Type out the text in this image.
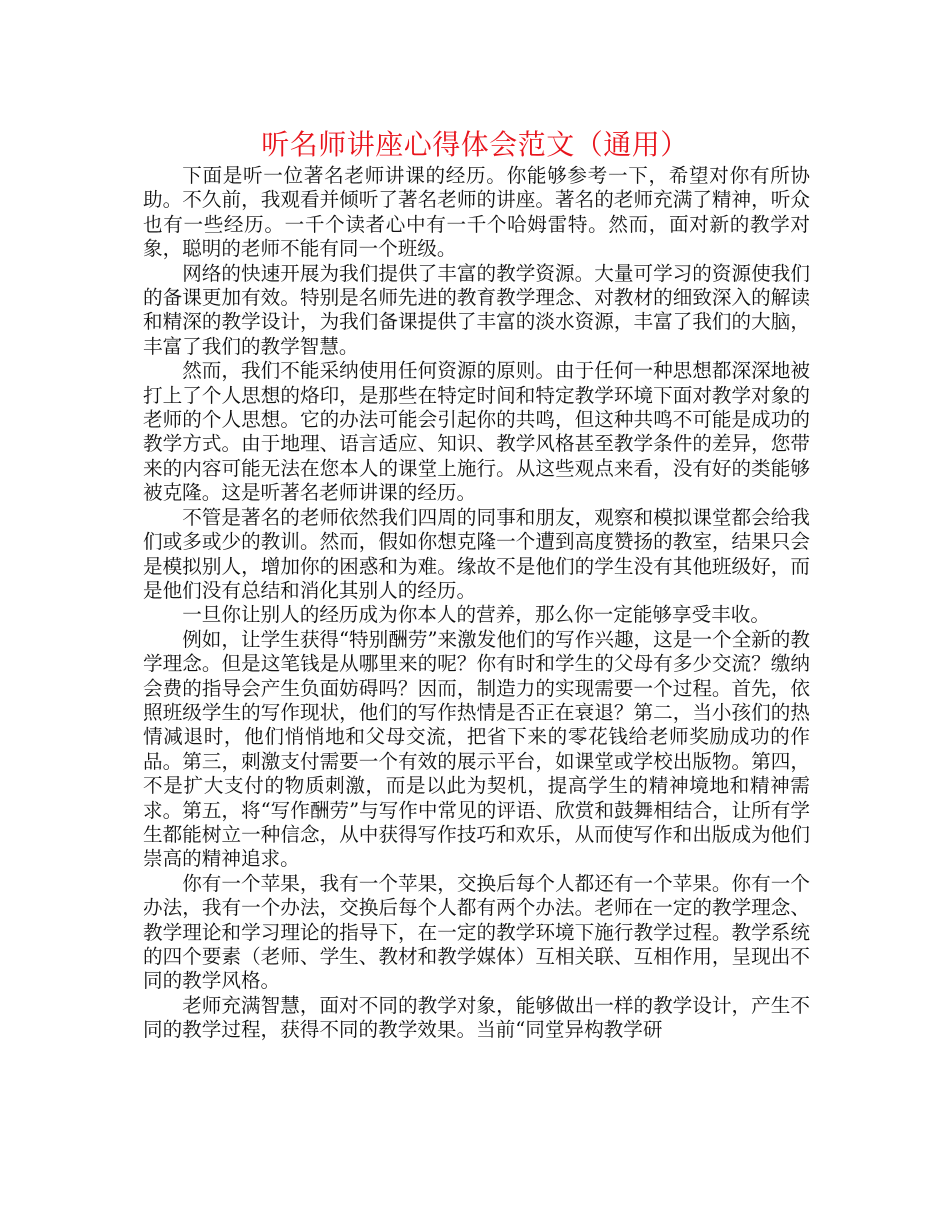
听名师讲座心得体会范文（通用）

下面是听一位著名老师讲课的经历。你能够参考一下，希望对你有所协助。不久前，我观看并倾听了著名老师的讲座。著名的老师充满了精神，听众也有一些经历。一千个读者心中有一千个哈姆雷特。然而，面对新的教学对象，聪明的老师不能有同一个班级。

网络的快速开展为我们提供了丰富的教学资源。大量可学习的资源使我们的备课更加有效。特别是名师先进的教育教学理念、对教材的细致深入的解读和精深的教学设计，为我们备课提供了丰富的淡水资源，丰富了我们的大脑，丰富了我们的教学智慧。

然而，我们不能采纳使用任何资源的原则。由于任何一种思想都深深地被打上了个人思想的烙印，是那些在特定时间和特定教学环境下面对教学对象的老师的个人思想。它的办法可能会引起你的共鸣，但这种共鸣不可能是成功的教学方式。由于地理、语言适应、知识、教学风格甚至教学条件的差异，您带来的内容可能无法在您本人的课堂上施行。从这些观点来看，没有好的类能够被克隆。这是听著名老师讲课的经历。

不管是著名的老师依然我们四周的同事和朋友，观察和模拟课堂都会给我们或多或少的教训。然而，假如你想克隆一个遭到高度赞扬的教室，结果只会是模拟别人，增加你的困惑和为难。缘故不是他们的学生没有其他班级好，而是他们没有总结和消化其别人的经历。

一旦你让别人的经历成为你本人的营养，那么你一定能够享受丰收。

例如，让学生获得“特别酬劳”来激发他们的写作兴趣，这是一个全新的教学理念。但是这笔钱是从哪里来的呢？你有时和学生的父母有多少交流？缴纳会费的指导会产生负面妨碍吗？因而，制造力的实现需要一个过程。首先，依照班级学生的写作现状，他们的写作热情是否正在衰退？第二，当小孩们的热情减退时，他们悄悄地和父母交流，把省下来的零花钱给老师奖励成功的作品。第三，刺激支付需要一个有效的展示平台，如课堂或学校出版物。第四，不是扩大支付的物质刺激，而是以此为契机，提高学生的精神境地和精神需求。第五，将“写作酬劳”与写作中常见的评语、欣赏和鼓舞相结合，让所有学生都能树立一种信念，从中获得写作技巧和欢乐，从而使写作和出版成为他们崇高的精神追求。

你有一个苹果，我有一个苹果，交换后每个人都还有一个苹果。你有一个办法，我有一个办法，交换后每个人都有两个办法。老师在一定的教学理念、教学理论和学习理论的指导下，在一定的教学环境下施行教学过程。教学系统的四个要素（老师、学生、教材和教学媒体）互相关联、互相作用，呈现出不同的教学风格。

老师充满智慧，面对不同的教学对象，能够做出一样的教学设计，产生不同的教学过程，获得不同的教学效果。当前“同堂异构教学研
